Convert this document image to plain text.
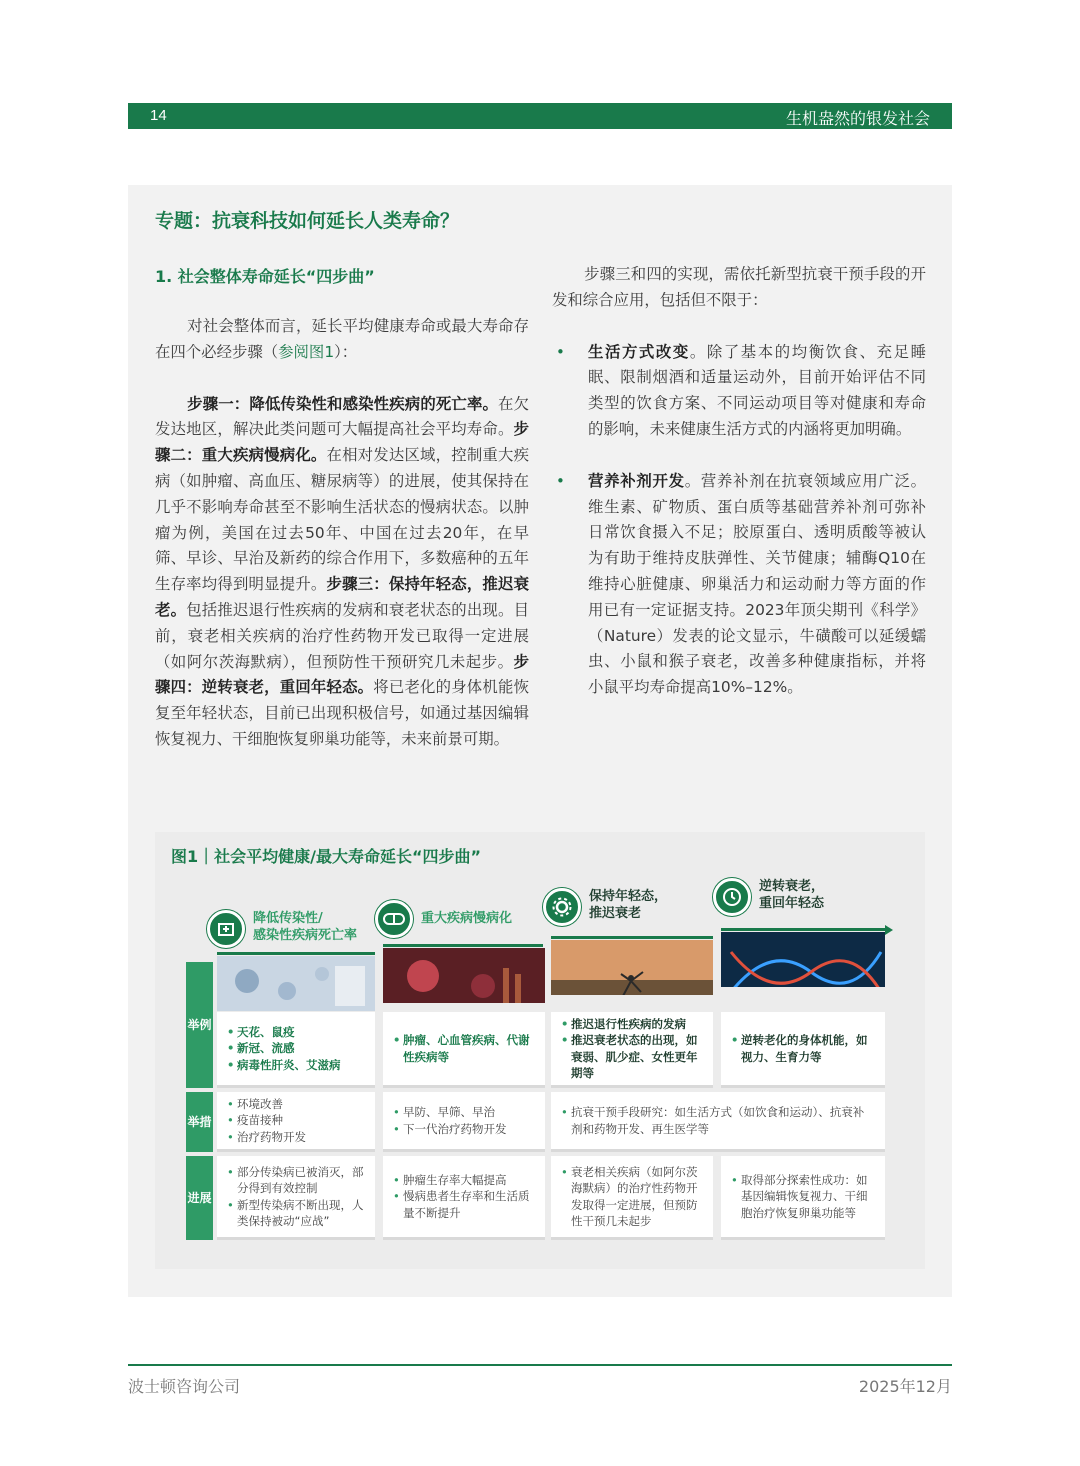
14	生机盎然的银发社会
专题：抗衰科技如何延长人类寿命？
1. 社会整体寿命延长“四步曲”

对社会整体而言，延长平均健康寿命或最大寿命存在四个必经步骤（参阅图1）：

步骤一：降低传染性和感染性疾病的死亡率。在欠发达地区，解决此类问题可大幅提高社会平均寿命。步骤二：重大疾病慢病化。在相对发达区域，控制重大疾病（如肿瘤、高血压、糖尿病等）的进展，使其保持在几乎不影响寿命甚至不影响生活状态的慢病状态。以肿瘤为例，美国在过去50年、中国在过去20年，在早筛、早诊、早治及新药的综合作用下，多数癌种的五年生存率均得到明显提升。步骤三：保持年轻态，推迟衰老。包括推迟退行性疾病的发病和衰老状态的出现。目前，衰老相关疾病的治疗性药物开发已取得一定进展（如阿尔茨海默病），但预防性干预研究几未起步。步骤四：逆转衰老，重回年轻态。将已老化的身体机能恢复至年轻状态，目前已出现积极信号，如通过基因编辑恢复视力、干细胞恢复卵巢功能等，未来前景可期。

步骤三和四的实现，需依托新型抗衰干预手段的开发和综合应用，包括但不限于：

• 生活方式改变。除了基本的均衡饮食、充足睡眠、限制烟酒和适量运动外，目前开始评估不同类型的饮食方案、不同运动项目等对健康和寿命的影响，未来健康生活方式的内涵将更加明确。

• 营养补剂开发。营养补剂在抗衰领域应用广泛。维生素、矿物质、蛋白质等基础营养补剂可弥补日常饮食摄入不足；胶原蛋白、透明质酸等被认为有助于维持皮肤弹性、关节健康；辅酶Q10在维持心脏健康、卵巢活力和运动耐力等方面的作用已有一定证据支持。2023年顶尖期刊《科学》（Nature）发表的论文显示，牛磺酸可以延缓蠕虫、小鼠和猴子衰老，改善多种健康指标，并将小鼠平均寿命提高10%–12%。

图1｜社会平均健康/最大寿命延长“四步曲”
降低传染性/
感染性疾病死亡率
重大疾病慢病化
保持年轻态，
推迟衰老
逆转衰老，
重回年轻态
举例
举措
进展
• 天花、鼠疫
• 新冠、流感
• 病毒性肝炎、艾滋病
• 肿瘤、心血管疾病、代谢性疾病等
• 推迟退行性疾病的发病
• 推迟衰老状态的出现，如衰弱、肌少症、女性更年期等
• 逆转老化的身体机能，如视力、生育力等
• 环境改善
• 疫苗接种
• 治疗药物开发
• 早防、早筛、早治
• 下一代治疗药物开发
• 抗衰干预手段研究：如生活方式（如饮食和运动）、抗衰补剂和药物开发、再生医学等
• 部分传染病已被消灭，部分得到有效控制
• 新型传染病不断出现，人类保持被动“应战”
• 肿瘤生存率大幅提高
• 慢病患者生存率和生活质量不断提升
• 衰老相关疾病（如阿尔茨海默病）的治疗性药物开发取得一定进展，但预防性干预几未起步
• 取得部分探索性成功：如基因编辑恢复视力、干细胞治疗恢复卵巢功能等
波士顿咨询公司	2025年12月
